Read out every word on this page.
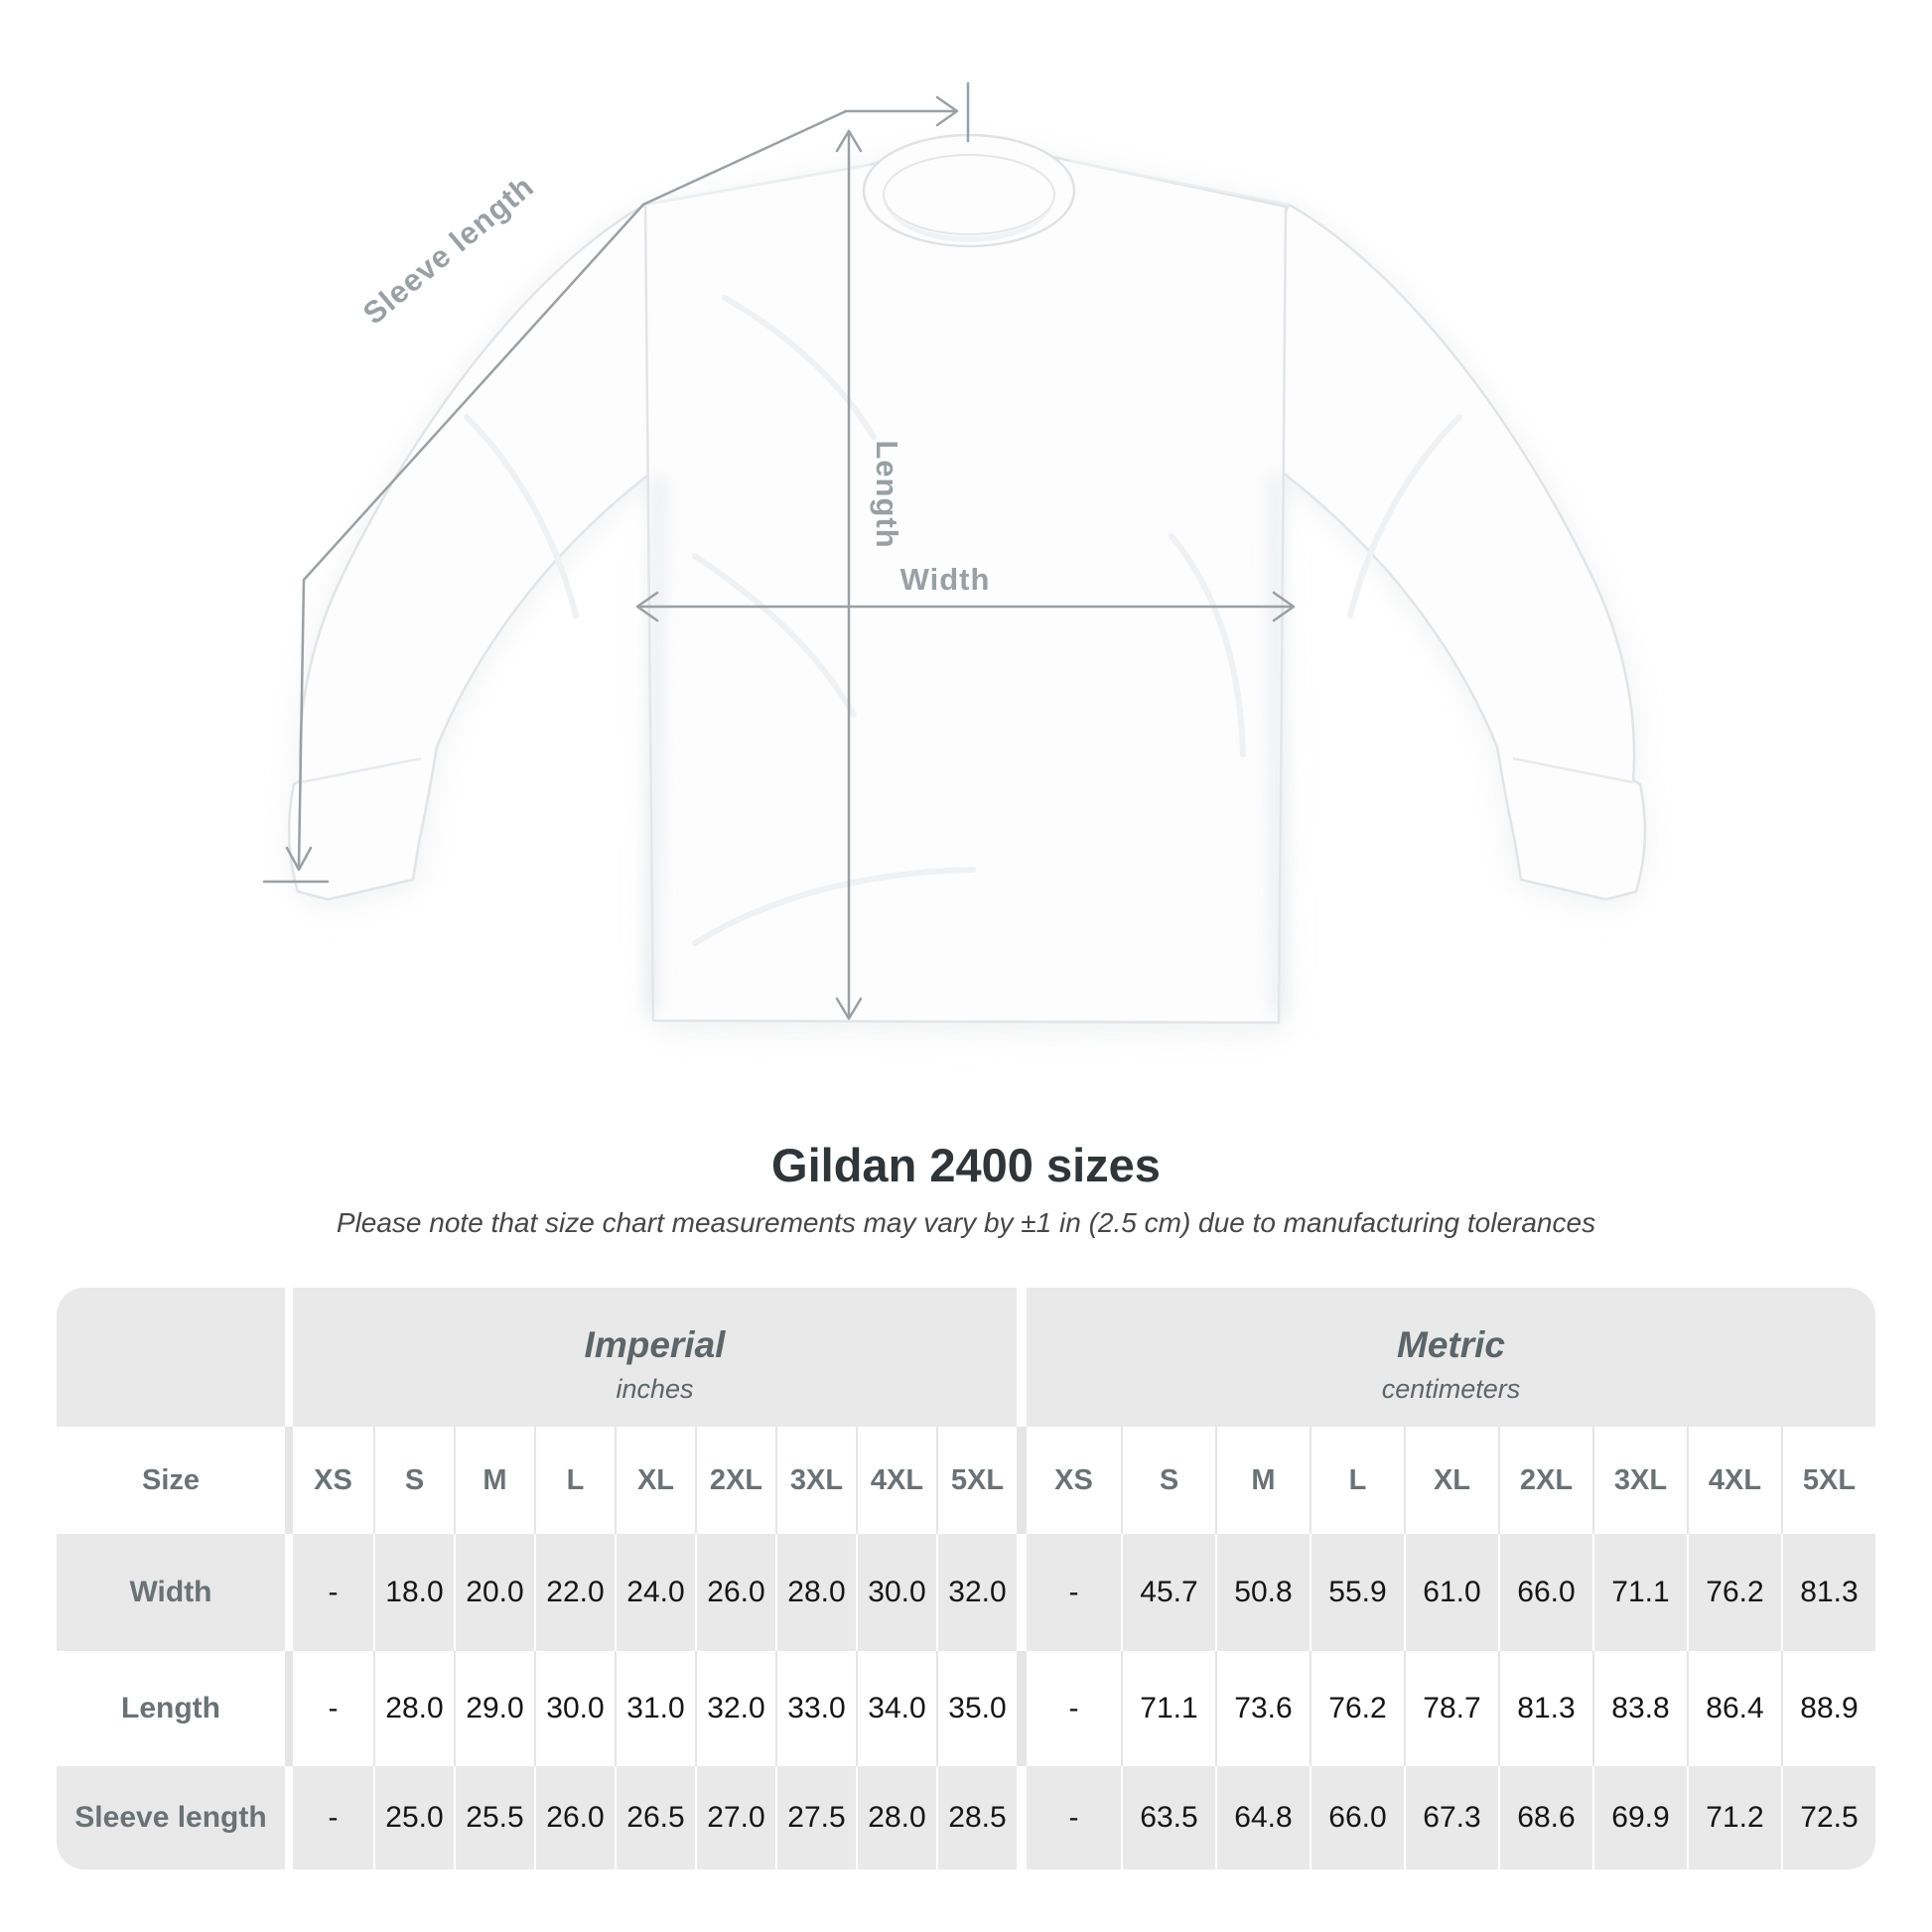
Sleeve length
Length
Width
Gildan 2400 sizes
Please note that size chart measurements may vary by ±1 in (2.5 cm) due to manufacturing tolerances
Imperial
inches
Metric
centimeters
Size	XS	S	M	L	XL	2XL 3XL 4XL 5XL	XS	S	M	L	XL	2XL	3XL	4XL	5XL
Width	-	18.0 20.0 22.0 24.0 26.0 28.0 30.0 32.0	-	45.7	50.8	55.9	61.0	66.0	71.1	76.2	81.3
Length	-	28.0 29.0 30.0 31.0 32.0 33.0 34.0 35.0	-	71.1	73.6	76.2	78.7	81.3	83.8	86.4	88.9
Sleeve length	-	25.0 25.5 26.0 26.5 27.0 27.5 28.0 28.5	-	63.5	64.8	66.0	67.3	68.6	69.9	71.2	72.5
